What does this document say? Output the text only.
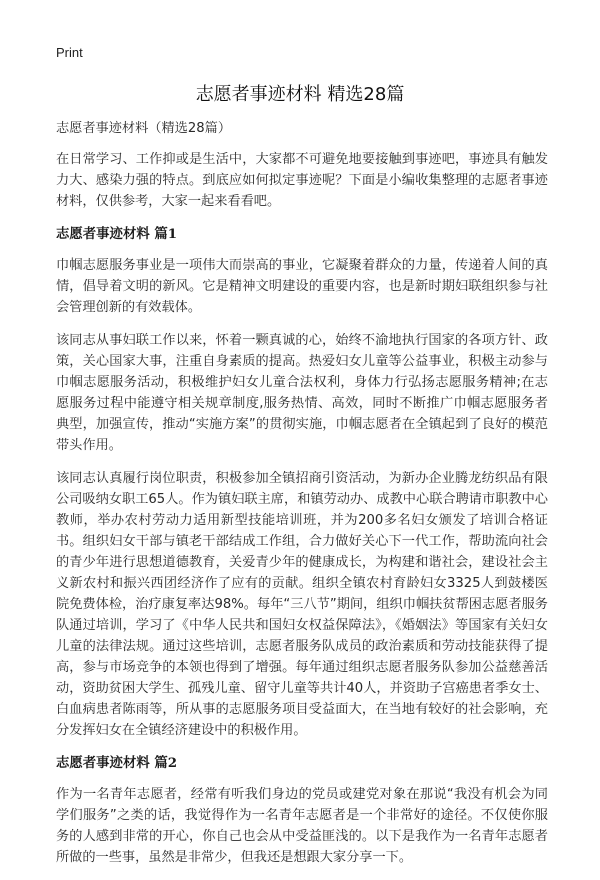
Print
志愿者事迹材料 精选28篇

志愿者事迹材料（精选28篇）

在日常学习、工作抑或是生活中，大家都不可避免地要接触到事迹吧，事迹具有触发力大、感染力强的特点。到底应如何拟定事迹呢？下面是小编收集整理的志愿者事迹材料，仅供参考，大家一起来看看吧。

志愿者事迹材料 篇1

巾帼志愿服务事业是一项伟大而崇高的事业，它凝聚着群众的力量，传递着人间的真情，倡导着文明的新风。它是精神文明建设的重要内容，也是新时期妇联组织参与社会管理创新的有效载体。

该同志从事妇联工作以来，怀着一颗真诚的心，始终不渝地执行国家的各项方针、政策，关心国家大事，注重自身素质的提高。热爱妇女儿童等公益事业，积极主动参与巾帼志愿服务活动，积极维护妇女儿童合法权利，身体力行弘扬志愿服务精神;在志愿服务过程中能遵守相关规章制度,服务热情、高效，同时不断推广巾帼志愿服务者典型，加强宣传，推动“实施方案”的贯彻实施，巾帼志愿者在全镇起到了良好的模范带头作用。

该同志认真履行岗位职责，积极参加全镇招商引资活动，为新办企业腾龙纺织品有限公司吸纳女职工65人。作为镇妇联主席，和镇劳动办、成教中心联合聘请市职教中心教师，举办农村劳动力适用新型技能培训班，并为200多名妇女颁发了培训合格证书。组织妇女干部与镇老干部结成工作组，合力做好关心下一代工作，帮助流向社会的青少年进行思想道德教育，关爱青少年的健康成长，为构建和谐社会，建设社会主义新农村和振兴西团经济作了应有的贡献。组织全镇农村育龄妇女3325人到鼓楼医院免费体检，治疗康复率达98%。每年“三八节”期间，组织巾帼扶贫帮困志愿者服务队通过培训，学习了《中华人民共和国妇女权益保障法》，《婚姻法》等国家有关妇女儿童的法律法规。通过这些培训，志愿者服务队成员的政治素质和劳动技能获得了提高，参与市场竞争的本领也得到了增强。每年通过组织志愿者服务队参加公益慈善活动，资助贫困大学生、孤残儿童、留守儿童等共计40人，并资助子宫癌患者季女士、白血病患者陈雨等，所从事的志愿服务项目受益面大，在当地有较好的社会影响，充分发挥妇女在全镇经济建设中的积极作用。

志愿者事迹材料 篇2

作为一名青年志愿者，经常有听我们身边的党员或建党对象在那说“我没有机会为同学们服务”之类的话，我觉得作为一名青年志愿者是一个非常好的途径。不仅使你服务的人感到非常的开心，你自己也会从中受益匪浅的。以下是我作为一名青年志愿者所做的一些事，虽然是非常少，但我还是想跟大家分享一下。
